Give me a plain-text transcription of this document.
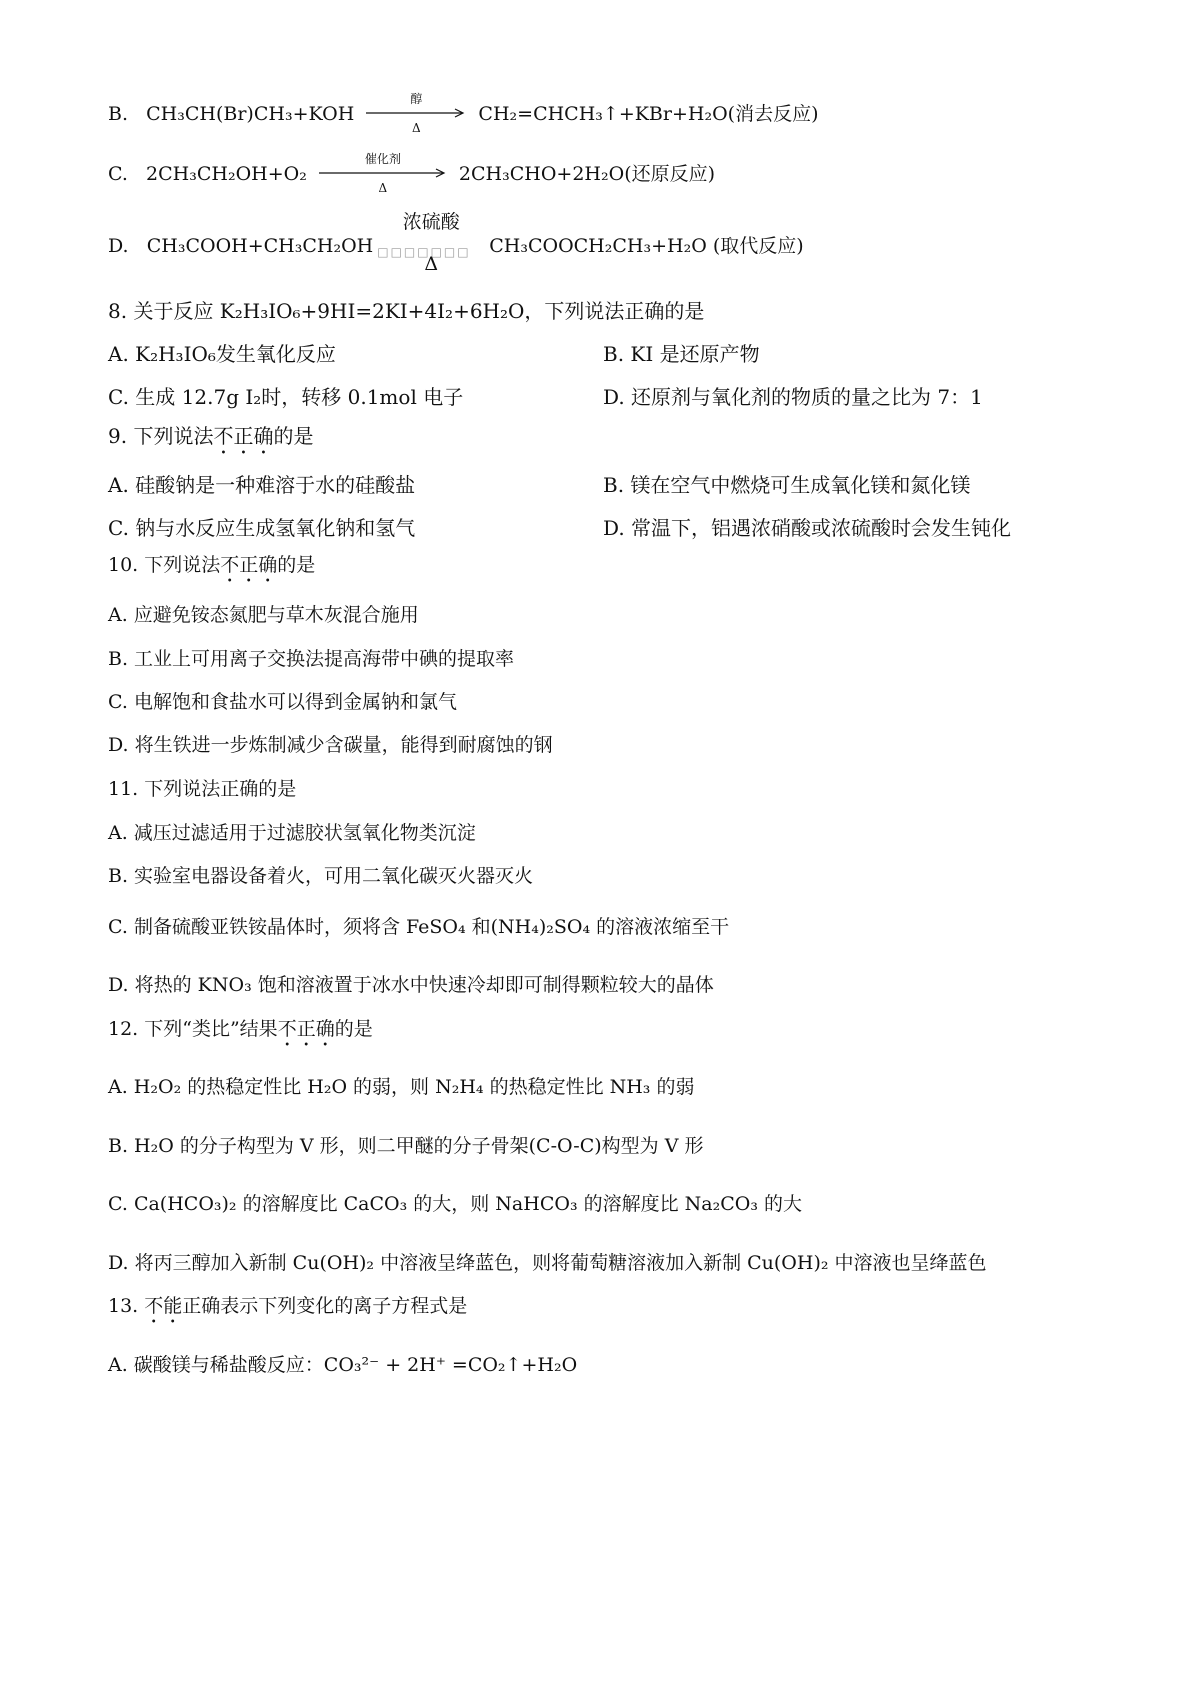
B. CH₃CH(Br)CH₃+KOH
醇
Δ
CH₂=CHCH₃↑+KBr+H₂O(消去反应)
C. 2CH₃CH₂OH+O₂
催化剂
Δ
2CH₃CHO+2H₂O(还原反应)
D. CH₃COOH+CH₃CH₂OH
浓硫酸
□□□□□□□
Δ
CH₃COOCH₂CH₃+H₂O (取代反应)
8. 关于反应 K₂H₃IO₆+9HI=2KI+4I₂+6H₂O，下列说法正确的是
A. K₂H₃IO₆发生氧化反应	B. KI 是还原产物
C. 生成 12.7g I₂时，转移 0.1mol 电子	D. 还原剂与氧化剂的物质的量之比为 7：1
9. 下列说法不正确的是
A. 硅酸钠是一种难溶于水的硅酸盐	B. 镁在空气中燃烧可生成氧化镁和氮化镁
C. 钠与水反应生成氢氧化钠和氢气	D. 常温下，铝遇浓硝酸或浓硫酸时会发生钝化
10. 下列说法不正确的是
A. 应避免铵态氮肥与草木灰混合施用
B. 工业上可用离子交换法提高海带中碘的提取率
C. 电解饱和食盐水可以得到金属钠和氯气
D. 将生铁进一步炼制减少含碳量，能得到耐腐蚀的钢
11. 下列说法正确的是
A. 减压过滤适用于过滤胶状氢氧化物类沉淀
B. 实验室电器设备着火，可用二氧化碳灭火器灭火
C. 制备硫酸亚铁铵晶体时，须将含 FeSO₄ 和(NH₄)₂SO₄ 的溶液浓缩至干
D. 将热的 KNO₃ 饱和溶液置于冰水中快速冷却即可制得颗粒较大的晶体
12. 下列“类比”结果不正确的是
A. H₂O₂ 的热稳定性比 H₂O 的弱，则 N₂H₄ 的热稳定性比 NH₃ 的弱
B. H₂O 的分子构型为 V 形，则二甲醚的分子骨架(C-O-C)构型为 V 形
C. Ca(HCO₃)₂ 的溶解度比 CaCO₃ 的大，则 NaHCO₃ 的溶解度比 Na₂CO₃ 的大
D. 将丙三醇加入新制 Cu(OH)₂ 中溶液呈绛蓝色，则将葡萄糖溶液加入新制 Cu(OH)₂ 中溶液也呈绛蓝色
13. 不能正确表示下列变化的离子方程式是
A. 碳酸镁与稀盐酸反应：CO₃²⁻ + 2H⁺ =CO₂↑+H₂O
